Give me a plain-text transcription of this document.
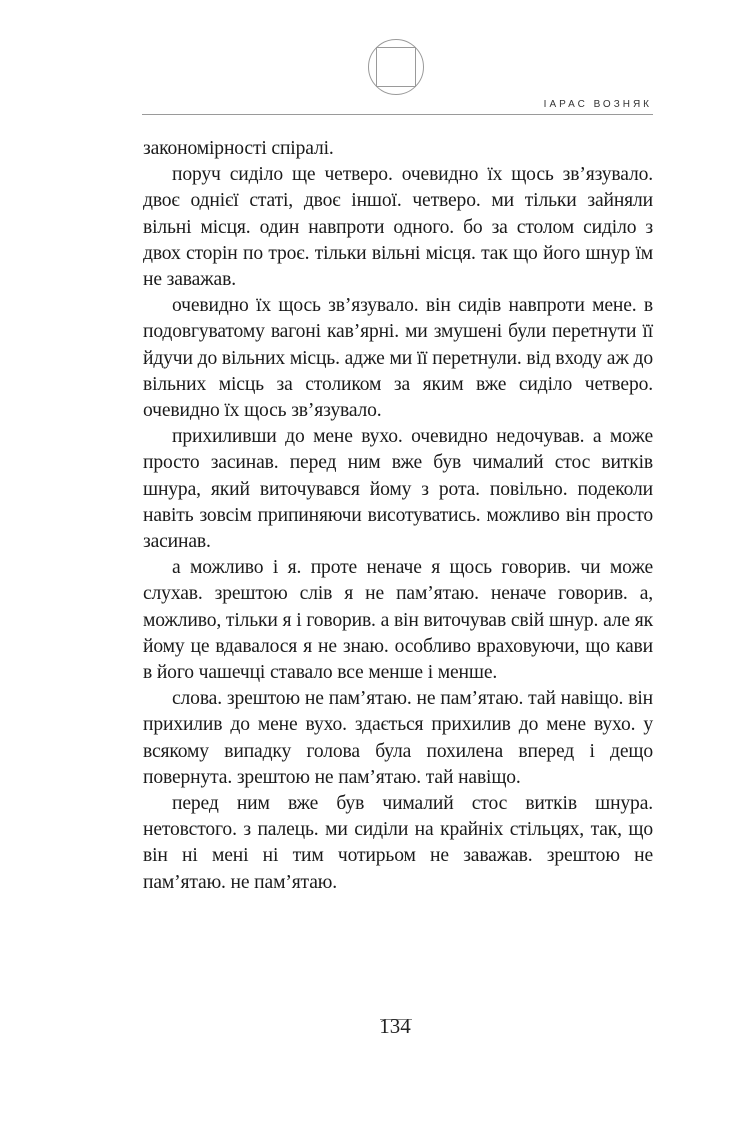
ІАРАС ВОЗНЯК

закономірності спіралі.

поруч сиділо ще четверо. очевидно їх щось зв’язувало. двоє однієї статі, двоє іншої. четверо. ми тільки зайняли вільні місця. один навпроти одного. бо за столом сиділо з двох сторін по троє. тільки вільні місця. так що його шнур їм не заважав.

очевидно їх щось зв’язувало. він сидів навпроти мене. в подовгуватому вагоні кав’ярні. ми змушені були перетнути її йдучи до вільних місць. адже ми її перетнули. від входу аж до вільних місць за столиком за яким вже сиділо четверо. очевидно їх щось зв’язувало.

прихиливши до мене вухо. очевидно недочував. а може просто засинав. перед ним вже був чималий стос витків шнура, який виточувався йому з рота. повільно. подеколи навіть зовсім припиняючи висотуватись. можливо він просто засинав.

а можливо і я. проте неначе я щось говорив. чи може слухав. зрештою слів я не пам’ятаю. неначе говорив. а, можливо, тільки я і говорив. а він виточував свій шнур. але як йому це вдавалося я не знаю. особливо враховуючи, що кави в його чашечці ставало все менше і менше.

слова. зрештою не пам’ятаю. не пам’ятаю. тай навіщо. він прихилив до мене вухо. здається прихилив до мене вухо. у всякому випадку голова була похилена вперед і дещо повернута. зрештою не пам’ятаю. тай навіщо.

перед ним вже був чималий стос витків шнура. нетовстого. з палець. ми сиділи на крайніх стільцях, так, що він ні мені ні тим чотирьом не заважав. зрештою не пам’ятаю. не пам’ятаю.

134
